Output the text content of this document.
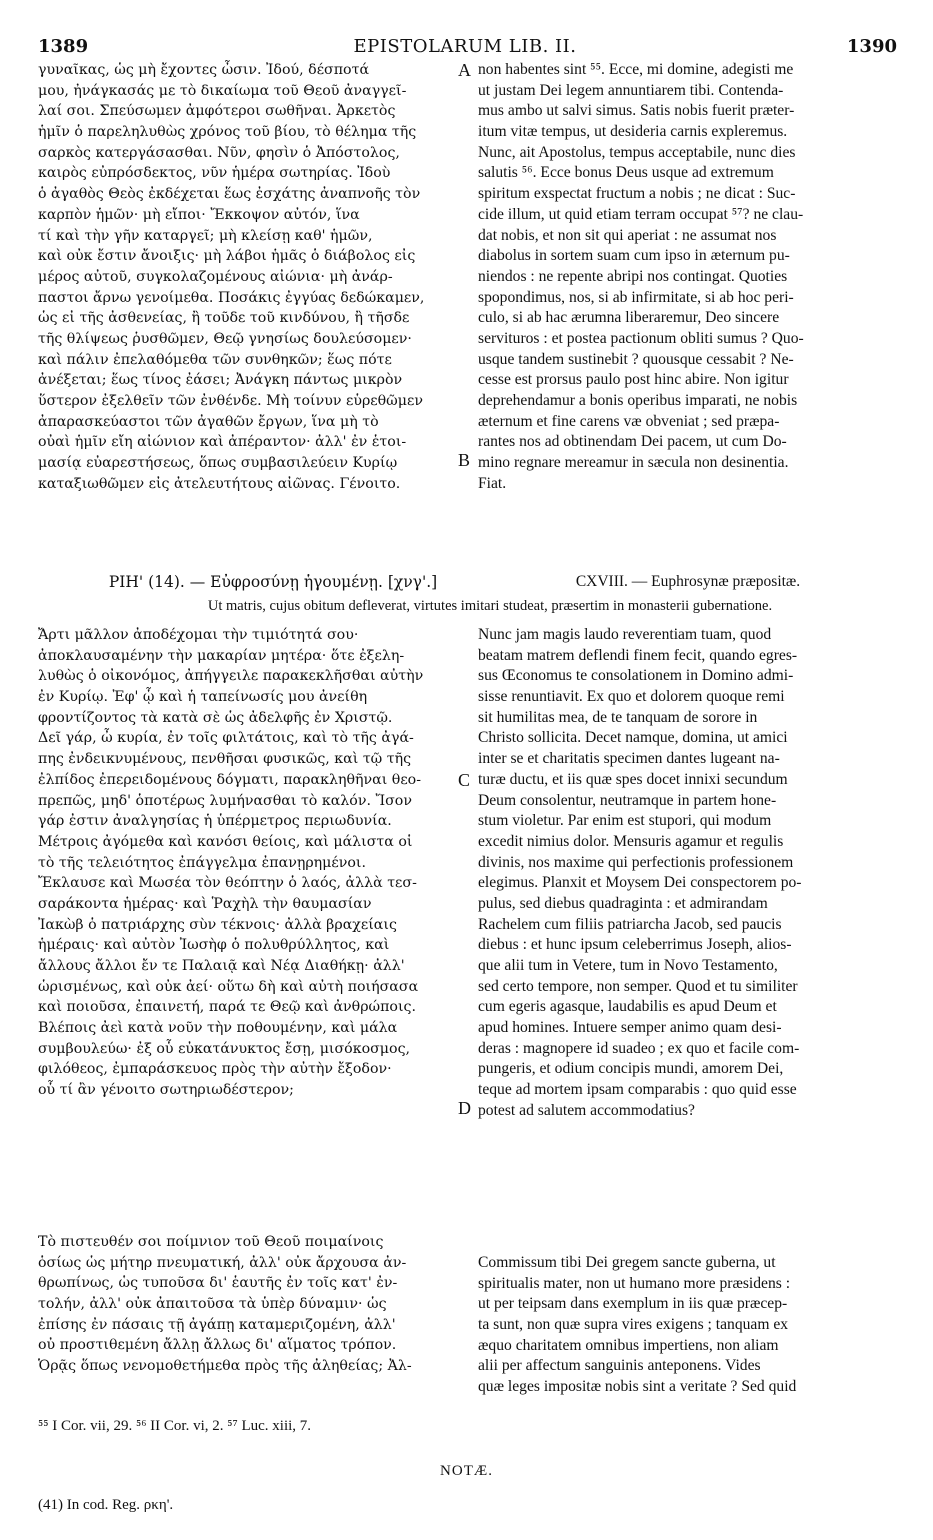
1389	EPISTOLARUM LIB. II.	1390
γυναῖκας, ὡς μὴ ἔχοντες ὦσιν. Ἰδού, δέσποτά
μου, ἠνάγκασάς με τὸ δικαίωμα τοῦ Θεοῦ ἀναγγεῖ-
λαί σοι. Σπεύσωμεν ἀμφότεροι σωθῆναι. Ἀρκετὸς
ἡμῖν ὁ παρεληλυθὼς χρόνος τοῦ βίου, τὸ θέλημα τῆς
σαρκὸς κατεργάσασθαι. Νῦν, φησὶν ὁ Ἀπόστολος,
καιρὸς εὐπρόσδεκτος, νῦν ἡμέρα σωτηρίας. Ἰδοὺ
ὁ ἀγαθὸς Θεὸς ἐκδέχεται ἕως ἐσχάτης ἀναπνοῆς τὸν
καρπὸν ἡμῶν· μὴ εἴποι· Ἔκκοψον αὐτόν, ἵνα
τί καὶ τὴν γῆν καταργεῖ; μὴ κλείσῃ καθ' ἡμῶν,
καὶ οὐκ ἔστιν ἄνοιξις· μὴ λάβοι ἡμᾶς ὁ διάβολος εἰς
μέρος αὐτοῦ, συγκολαζομένους αἰώνια· μὴ ἀνάρ-
παστοι ἄρνω γενοίμεθα. Ποσάκις ἐγγύας δεδώκαμεν,
ὡς εἰ τῆς ἀσθενείας, ἢ τοῦδε τοῦ κινδύνου, ἢ τῆσδε
τῆς θλίψεως ῥυσθῶμεν, Θεῷ γνησίως δουλεύσομεν·
καὶ πάλιν ἐπελαθόμεθα τῶν συνθηκῶν; ἕως πότε
ἀνέξεται; ἕως τίνος ἐάσει; Ἀνάγκη πάντως μικρὸν
ὕστερον ἐξελθεῖν τῶν ἐνθένδε. Μὴ τοίνυν εὑρεθῶμεν
ἀπαρασκεύαστοι τῶν ἀγαθῶν ἔργων, ἵνα μὴ τὸ
οὐαὶ ἡμῖν εἴη αἰώνιον καὶ ἀπέραντον· ἀλλ' ἐν ἑτοι-
μασίᾳ εὐαρεστήσεως, ὅπως συμβασιλεύειν Κυρίῳ
καταξιωθῶμεν εἰς ἀτελευτήτους αἰῶνας. Γένοιτο.
non habentes sint ⁵⁵. Ecce, mi domine, adegisti me
ut justam Dei legem annuntiarem tibi. Contenda-
mus ambo ut salvi simus. Satis nobis fuerit præter-
itum vitæ tempus, ut desideria carnis expleremus.
Nunc, ait Apostolus, tempus acceptabile, nunc dies
salutis ⁵⁶. Ecce bonus Deus usque ad extremum
spiritum exspectat fructum a nobis ; ne dicat : Suc-
cide illum, ut quid etiam terram occupat ⁵⁷? ne clau-
dat nobis, et non sit qui aperiat : ne assumat nos
diabolus in sortem suam cum ipso in æternum pu-
niendos : ne repente abripi nos contingat. Quoties
spopondimus, nos, si ab infirmitate, si ab hoc peri-
culo, si ab hac ærumna liberaremur, Deo sincere
servituros : et postea pactionum obliti sumus ? Quo-
usque tandem sustinebit ? quousque cessabit ? Ne-
cesse est prorsus paulo post hinc abire. Non igitur
deprehendamur a bonis operibus imparati, ne nobis
æternum et fine carens væ obveniat ; sed præpa-
rantes nos ad obtinendam Dei pacem, ut cum Do-
mino regnare mereamur in sæcula non desinentia.
Fiat.
A
B
C
D
ΡΙΗ' (14). — Εὐφροσύνῃ ἡγουμένῃ. [χνγ'.]	CXVIII. — Euphrosynæ præpositæ.
Ut matris, cujus obitum defleverat, virtutes imitari studeat, præsertim in monasterii gubernatione.
Ἄρτι μᾶλλον ἀποδέχομαι τὴν τιμιότητά σου·
ἀποκλαυσαμένην τὴν μακαρίαν μητέρα· ὅτε ἐξελη-
λυθὼς ὁ οἰκονόμος, ἀπήγγειλε παρακεκλῆσθαι αὐτὴν
ἐν Κυρίῳ. Ἐφ' ᾧ καὶ ἡ ταπείνωσίς μου ἀνείθη
φροντίζοντος τὰ κατὰ σὲ ὡς ἀδελφῆς ἐν Χριστῷ.
Δεῖ γάρ, ὦ κυρία, ἐν τοῖς φιλτάτοις, καὶ τὸ τῆς ἀγά-
πης ἐνδεικνυμένους, πενθῆσαι φυσικῶς, καὶ τῷ τῆς
ἐλπίδος ἐπερειδομένους δόγματι, παρακληθῆναι θεο-
πρεπῶς, μηδ' ὁποτέρως λυμήνασθαι τὸ καλόν. Ἴσον
γάρ ἐστιν ἀναλγησίας ἡ ὑπέρμετρος περιωδυνία.
Μέτροις ἀγόμεθα καὶ κανόσι θείοις, καὶ μάλιστα οἱ
τὸ τῆς τελειότητος ἐπάγγελμα ἐπανῃρημένοι.
Ἔκλαυσε καὶ Μωσέα τὸν θεόπτην ὁ λαός, ἀλλὰ τεσ-
σαράκοντα ἡμέρας· καὶ Ῥαχὴλ τὴν θαυμασίαν
Ἰακὼβ ὁ πατριάρχης σὺν τέκνοις· ἀλλὰ βραχείαις
ἡμέραις· καὶ αὐτὸν Ἰωσὴφ ὁ πολυθρύλλητος, καὶ
ἄλλους ἄλλοι ἔν τε Παλαιᾷ καὶ Νέᾳ Διαθήκῃ· ἀλλ'
ὡρισμένως, καὶ οὐκ ἀεί· οὕτω δὴ καὶ αὐτὴ ποιήσασα
καὶ ποιοῦσα, ἐπαινετή, παρά τε Θεῷ καὶ ἀνθρώποις.
Βλέποις ἀεὶ κατὰ νοῦν τὴν ποθουμένην, καὶ μάλα
συμβουλεύω· ἐξ οὗ εὐκατάνυκτος ἔσῃ, μισόκοσμος,
φιλόθεος, ἐμπαράσκευος πρὸς τὴν αὐτὴν ἔξοδον·
οὗ τί ἂν γένοιτο σωτηριωδέστερον;
Τὸ πιστευθέν σοι ποίμνιον τοῦ Θεοῦ ποιμαίνοις
ὁσίως ὡς μήτηρ πνευματική, ἀλλ' οὐκ ἄρχουσα ἀν-
θρωπίνως, ὡς τυποῦσα δι' ἑαυτῆς ἐν τοῖς κατ' ἐν-
τολήν, ἀλλ' οὐκ ἀπαιτοῦσα τὰ ὑπὲρ δύναμιν· ὡς
ἐπίσης ἐν πάσαις τῇ ἀγάπῃ καταμεριζομένη, ἀλλ'
οὐ προστιθεμένη ἄλλῃ ἄλλως δι' αἵματος τρόπον.
Ὁρᾷς ὅπως νενομοθετήμεθα πρὸς τῆς ἀληθείας; Ἀλ-
Nunc jam magis laudo reverentiam tuam, quod
beatam matrem deflendi finem fecit, quando egres-
sus Œconomus te consolationem in Domino admi-
sisse renuntiavit. Ex quo et dolorem quoque remi
sit humilitas mea, de te tanquam de sorore in
Christo sollicita. Decet namque, domina, ut amici
inter se et charitatis specimen dantes lugeant na-
turæ ductu, et iis quæ spes docet innixi secundum
Deum consolentur, neutramque in partem hone-
stum violetur. Par enim est stupori, qui modum
excedit nimius dolor. Mensuris agamur et regulis
divinis, nos maxime qui perfectionis professionem
elegimus. Planxit et Moysem Dei conspectorem po-
pulus, sed diebus quadraginta : et admirandam
Rachelem cum filiis patriarcha Jacob, sed paucis
diebus : et hunc ipsum celeberrimus Joseph, alios-
que alii tum in Vetere, tum in Novo Testamento,
sed certo tempore, non semper. Quod et tu similiter
cum egeris agasque, laudabilis es apud Deum et
apud homines. Intuere semper animo quam desi-
deras : magnopere id suadeo ; ex quo et facile com-
pungeris, et odium concipis mundi, amorem Dei,
teque ad mortem ipsam comparabis : quo quid esse
potest ad salutem accommodatius?
Commissum tibi Dei gregem sancte guberna, ut
spiritualis mater, non ut humano more præsidens :
ut per teipsam dans exemplum in iis quæ præcep-
ta sunt, non quæ supra vires exigens ; tanquam ex
æquo charitatem omnibus impertiens, non aliam
alii per affectum sanguinis anteponens. Vides
quæ leges impositæ nobis sint a veritate ? Sed quid
⁵⁵ I Cor. vii, 29. ⁵⁶ II Cor. vi, 2. ⁵⁷ Luc. xiii, 7.
NOTÆ.
(41) In cod. Reg. ρκη'.
